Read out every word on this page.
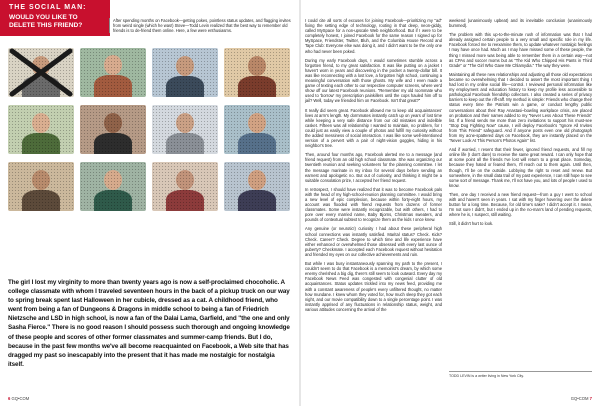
THE SOCIAL MAN:
WOULD YOU LIKE TO DELETE THIS FRIEND?
After spending months on Facebook—getting pokes, pointless status updates, and flagging invites from weird single (which he was!) Steve—Todd Levin realized that the best way to remember old friends is to de-friend them online. Here, a few were enthusiasms.
The girl I lost my virginity to more than twenty years ago is now a self-proclaimed chocoholic. A college classmate with whom I traveled seventeen hours in the back of a pickup truck on our way to spring break spent last Halloween in her cubicle, dressed as a cat. A childhood friend, who went from being a fan of Dungeons & Dragons in middle school to being a fan of Friedrich Nietzsche and LSD in high school, is now a fan of the Dalai Lama, Garfield, and "the one and only Sasha Fierce." There is no good reason I should possess such thorough and ongoing knowledge of these people and scores of other former classmates and summer-camp friends. But I do, because in the past few months we've all become reacquainted on Facebook, a Web site that has dragged my past so inescapably into the present that it has made me nostalgic for nostalgia itself.

I could cite all sorts of excuses for joining Facebook—prioritizing my "ad" fixing the setting edge of technology, rooting in that deep, neon-giddy, called MySpace for a non-upscale Web neighborhood. But if I were to be completely honest, I joined Facebook for the same reason I signed up for MySpace, Friendster, Twitter, Bluh, and the Columbia House Record and Tape Club: Everyone else was doing it, and I didn't want to be the only one who had never been poked.

During my early Facebook days, I would sometimes stumble across a forgotten friend, to my great satisfaction. It was like putting on a jacket I haven't worn in years and discovering in the pocket a twenty-dollar bill. It was like reconnecting with a lost love, a forgotten high school, continuing a meaningful conversation with those ghosts. My wife and I even made a game of texting each other to our respective computer screens, where we'd show off our latest Facebook reunions. "Remember my old roommate who used to 'borrow' my prescription painkillers until the cops hauled him off to jail? Well, today we friended him on Facebook. Isn't that great?"

It really did seem great. Facebook allowed me to keep old acquaintances' lives at arm's length. My dormmates instantly catch up on years of lost time while keeping a very safe distance from our old mistakes and indelible casket. Fifteen was all relationship I wanted to maintain, no problem, for I could just as easily view a couple of photos and fulfill my curiosity without the added messiness of social interaction. I was like some well-intentioned version of a pervert with a pair of night-vision goggles, hiding in his neighbor's tree.

Then, around four months ago, Facebook alerted me to a message (and friend request) from an old high school classmate. She was organizing our twentieth reunion and seeking volunteers for the planning committee. I let the message marinate in my inbox for several days before sending an earnest and apologetic no. But out of curiosity, and thinking it might be a suitable consolation prize, I accepted her friend request.

In retrospect, I should have realized that it was to become Facebook pals with the head of my high-school-reunion planning committee. I would bring a new level of epic complexion, because within forty-eight hours, my account was flooded with friend requests from dozens of former classmates. Some were instantly recognizable, but with others, I had to pore over every married name, Baby Bjorns, Christmas sweaters, and pounds of contextual subtext to recognize them as the kids I once knew.

Any genuine (or neurotic!) curiosity I had about these peripheral high school connections was instantly satisfied. Marital status? Check. Kids? Check. Career? Check. Degree to which time and life experience have either enhanced or overwhelmed those obsessed with every last ounce of puberty? Checkmate. I accepted each Facebook request without hesitation and friended my eyes on our collective achievements and ruin.

But while I was busy instantaneously spanning my path to the present, I couldn't seem to do that Facebook is a memoirist's dream, by which some enemy cherished a big dig, there's still seem to look outward. Every day my Facebook News Feed was congested with congenial clutter of old acquaintances. Status updates trickled into my news feed, providing me with a constant awareness of people's every unfiltered thought, no matter how mundane. I knew whom they voted for, how much sleep they got each night, and our movie compatibility down to a single percentage point. I was instantly apprised of any fluctuations in relationship status, weight, and various attitudes concerning the arrival of the

weekend (unanimously upbeat) and its inevitable conclusion (unanimously bummed).

The problem with this up-to-the-minute rush of information was that I had already assigned certain people to a very small and specific role in my life. Facebook forced me to reexamine them, to update whatever nostalgic feelings I may have once had. Much as I may have missed some of these people, the thing I missed more was being able to remember them in a certain way—not as CPAs and soccer moms but as "The Kid Who Chipped His Pants in Third Grade" or "The Girl Who Gave Me Chlamydia." The way they were.

Maintaining all these new relationships and adjusting all those old expectations became so overwhelming that I decided to assert the most important thing I had lost in my online social life—control. I reviewed personal information like my employment and education history to keep my profile less accessible to pathological Facebook friendship collectors. I also created a series of privacy barriers to keep out the riff-raff. My method is simple: Friends who change their status every time the Patriots win a game, or conduct lengthy public conversations about their Ray Anastasi–bowling workplace crisis, are placed on probation and their names added to my "Never Less About These Friends" list. If a friend sends me more than zero invitations to support his must-see "Stop Dog Fighting Now" cause, I will deploy Facebook's "Ignore All Invites from This Friend" safeguard. And if anyone posts even one old photograph from my acne-spattered days on Facebook, they are instantly placed on the "Never Look At This Person's Photos Again" list.

And if worried, I resent that their fewer, ignored friend requests, and fill my online life (I don't dare) to receive the same great reward. I can only hope that at some point all the friends I've lost will return to a great place. Someday, because they hated or feared them, I'll reach out to them again. Until then, though, I'll be on the outside. Lobbying the right to reset and renew. But somewhere, in the small data trail of my past experience, I can still hope to see some sort of message. Thank me, I'll not have you, and lots of people I used to know.

Then, one day I received a new friend request—from a guy I went to school with and haven't seen in years. I sat with my finger hovering over the delete button for a long time. Because, for old time's sake? I didn't accept it. I mean, I'm not sure I didn't, but I ended up in the no-man's land of pending requests, where he is, I suspect, still waiting.

Still, it didn't hurt to look.

TODD LEVIN is a writer living in New York City.
6 GQ•COM	GQ•COM 7
